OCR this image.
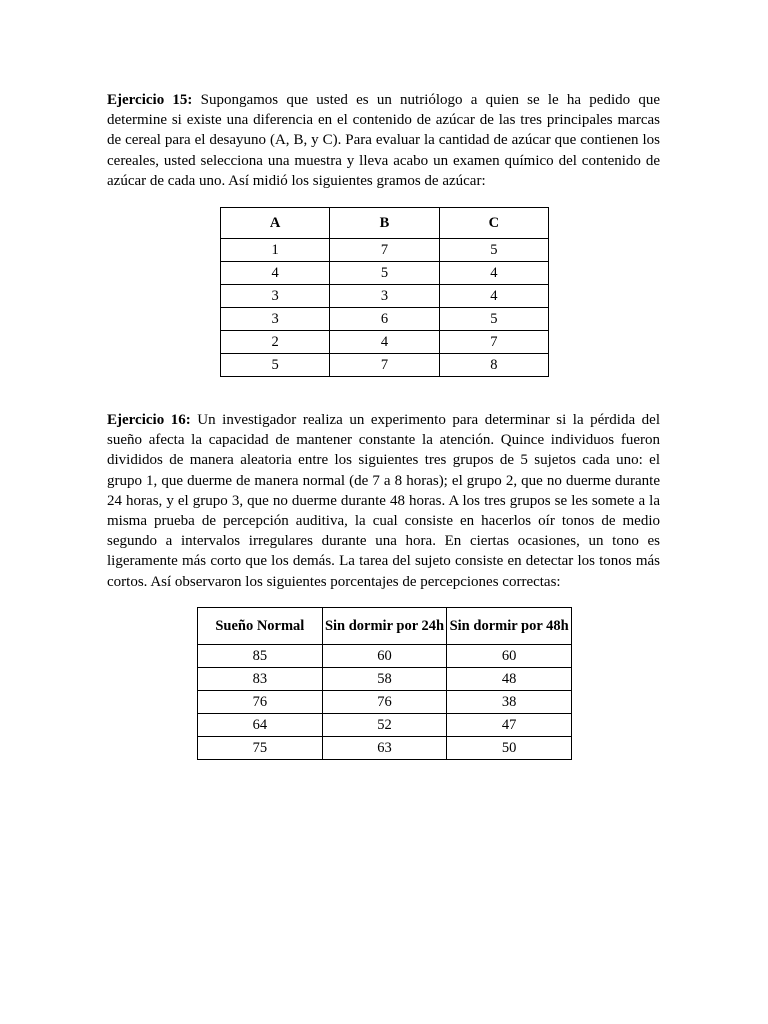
Ejercicio 15: Supongamos que usted es un nutriólogo a quien se le ha pedido que determine si existe una diferencia en el contenido de azúcar de las tres principales marcas de cereal para el desayuno (A, B, y C). Para evaluar la cantidad de azúcar que contienen los cereales, usted selecciona una muestra y lleva acabo un examen químico del contenido de azúcar de cada uno. Así midió los siguientes gramos de azúcar:

A	B	C
1	7	5
4	5	4
3	3	4
3	6	5
2	4	7
5	7	8

Ejercicio 16: Un investigador realiza un experimento para determinar si la pérdida del sueño afecta la capacidad de mantener constante la atención. Quince individuos fueron divididos de manera aleatoria entre los siguientes tres grupos de 5 sujetos cada uno: el grupo 1, que duerme de manera normal (de 7 a 8 horas); el grupo 2, que no duerme durante 24 horas, y el grupo 3, que no duerme durante 48 horas. A los tres grupos se les somete a la misma prueba de percepción auditiva, la cual consiste en hacerlos oír tonos de medio segundo a intervalos irregulares durante una hora. En ciertas ocasiones, un tono es ligeramente más corto que los demás. La tarea del sujeto consiste en detectar los tonos más cortos. Así observaron los siguientes porcentajes de percepciones correctas:

Sueño Normal	Sin dormir por 24h	Sin dormir por 48h
85	60	60
83	58	48
76	76	38
64	52	47
75	63	50
